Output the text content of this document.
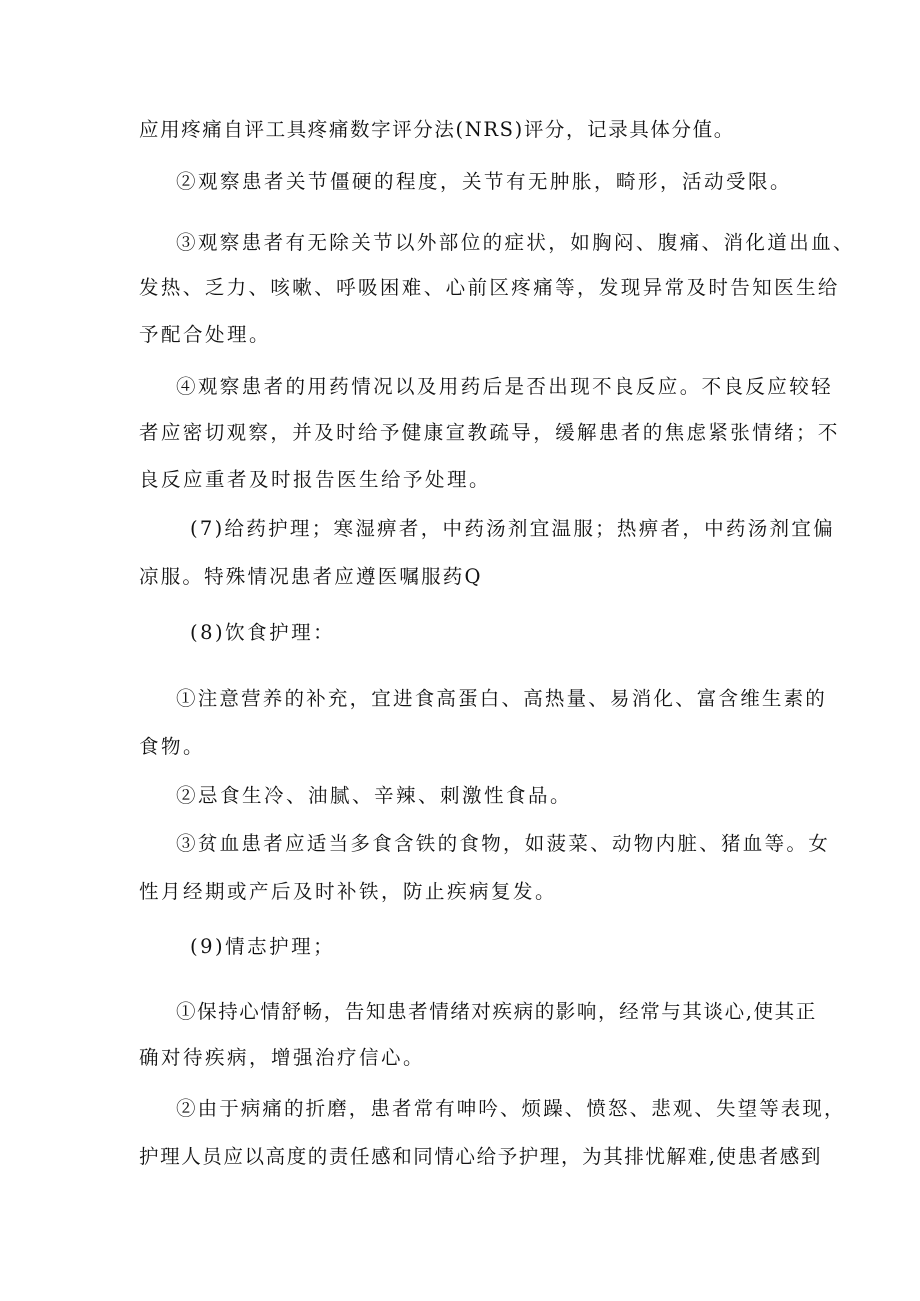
应用疼痛自评工具疼痛数字评分法(NRS)评分，记录具体分值。
②观察患者关节僵硬的程度，关节有无肿胀，畸形，活动受限。
③观察患者有无除关节以外部位的症状，如胸闷、腹痛、消化道出血、
发热、乏力、咳嗽、呼吸困难、心前区疼痛等，发现异常及时告知医生给
予配合处理。
④观察患者的用药情况以及用药后是否出现不良反应。不良反应较轻
者应密切观察，并及时给予健康宣教疏导，缓解患者的焦虑紧张情绪；不
良反应重者及时报告医生给予处理。
(7)给药护理；寒湿痹者，中药汤剂宜温服；热痹者，中药汤剂宜偏
凉服。特殊情况患者应遵医嘱服药Q
(8)饮食护理：
①注意营养的补充，宜进食高蛋白、高热量、易消化、富含维生素的
食物。
②忌食生冷、油腻、辛辣、刺激性食品。
③贫血患者应适当多食含铁的食物，如菠菜、动物内脏、猪血等。女
性月经期或产后及时补铁，防止疾病复发。
(9)情志护理；
①保持心情舒畅，告知患者情绪对疾病的影响，经常与其谈心,使其正
确对待疾病，增强治疗信心。
②由于病痛的折磨，患者常有呻吟、烦躁、愤怒、悲观、失望等表现，
护理人员应以高度的责任感和同情心给予护理，为其排忧解难,使患者感到
